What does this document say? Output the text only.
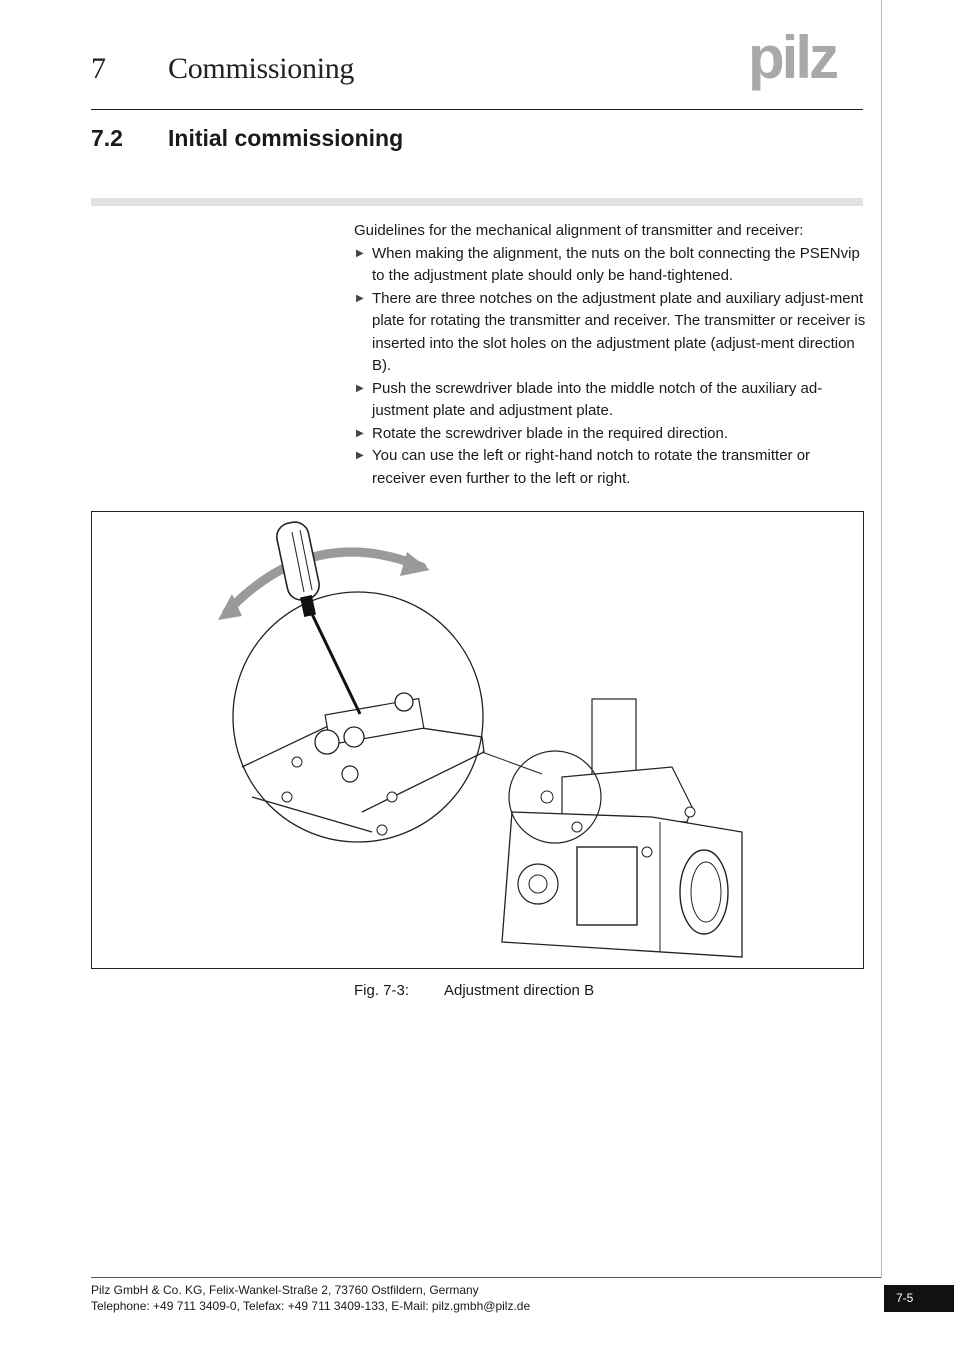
7 Commissioning	pilz
7.2 Initial commissioning

Guidelines for the mechanical alignment of transmitter and receiver:

▶ When making the alignment, the nuts on the bolt connecting the PSENvip to the adjustment plate should only be hand-tightened.
▶ There are three notches on the adjustment plate and auxiliary adjust-ment plate for rotating the transmitter and receiver. The transmitter or receiver is inserted into the slot holes on the adjustment plate (adjust-ment direction B).
▶ Push the screwdriver blade into the middle notch of the auxiliary ad-justment plate and adjustment plate.
▶ Rotate the screwdriver blade in the required direction.
▶ You can use the left or right-hand notch to rotate the transmitter or receiver even further to the left or right.
Fig. 7-3: Adjustment direction B
Pilz GmbH & Co. KG, Felix-Wankel-Straße 2, 73760 Ostfildern, Germany
Telephone: +49 711 3409-0, Telefax: +49 711 3409-133, E-Mail: pilz.gmbh@pilz.de
7-5
